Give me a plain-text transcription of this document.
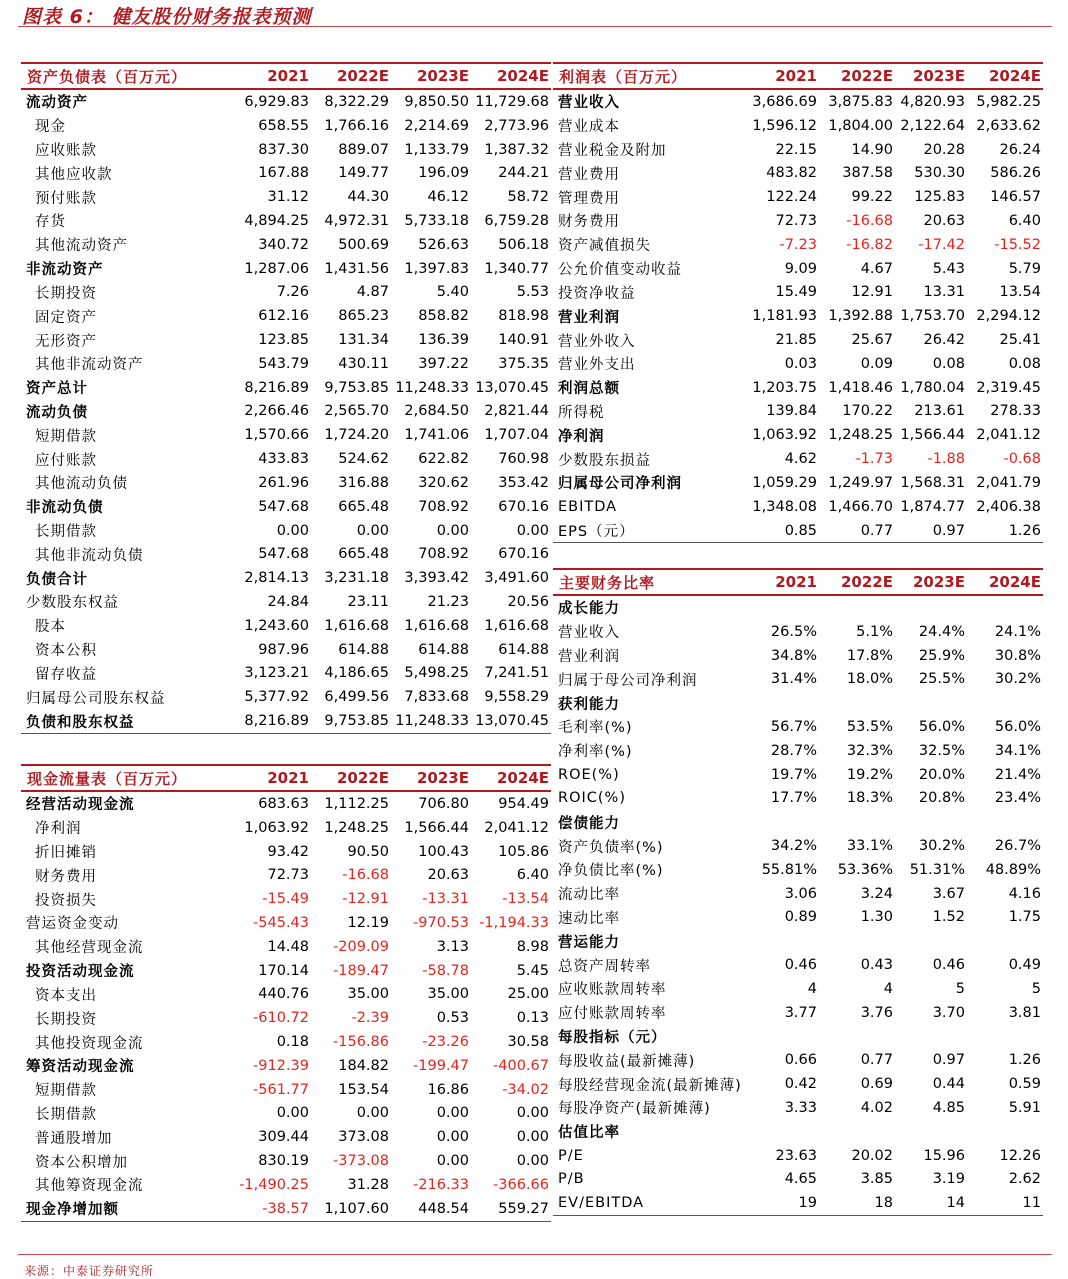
图表 6： 健友股份财务报表预测
资产负债表（百万元）	2021	2022E	2023E	2024E
流动资产	6,929.83	8,322.29	9,850.50	11,729.68
现金	658.55	1,766.16	2,214.69	2,773.96
应收账款	837.30	889.07	1,133.79	1,387.32
其他应收款	167.88	149.77	196.09	244.21
预付账款	31.12	44.30	46.12	58.72
存货	4,894.25	4,972.31	5,733.18	6,759.28
其他流动资产	340.72	500.69	526.63	506.18
非流动资产	1,287.06	1,431.56	1,397.83	1,340.77
长期投资	7.26	4.87	5.40	5.53
固定资产	612.16	865.23	858.82	818.98
无形资产	123.85	131.34	136.39	140.91
其他非流动资产	543.79	430.11	397.22	375.35
资产总计	8,216.89	9,753.85	11,248.33	13,070.45
流动负债	2,266.46	2,565.70	2,684.50	2,821.44
短期借款	1,570.66	1,724.20	1,741.06	1,707.04
应付账款	433.83	524.62	622.82	760.98
其他流动负债	261.96	316.88	320.62	353.42
非流动负债	547.68	665.48	708.92	670.16
长期借款	0.00	0.00	0.00	0.00
其他非流动负债	547.68	665.48	708.92	670.16
负债合计	2,814.13	3,231.18	3,393.42	3,491.60
少数股东权益	24.84	23.11	21.23	20.56
股本	1,243.60	1,616.68	1,616.68	1,616.68
资本公积	987.96	614.88	614.88	614.88
留存收益	3,123.21	4,186.65	5,498.25	7,241.51
归属母公司股东权益	5,377.92	6,499.56	7,833.68	9,558.29
负债和股东权益	8,216.89	9,753.85	11,248.33	13,070.45
现金流量表（百万元）	2021	2022E	2023E	2024E
经营活动现金流	683.63	1,112.25	706.80	954.49
净利润	1,063.92	1,248.25	1,566.44	2,041.12
折旧摊销	93.42	90.50	100.43	105.86
财务费用	72.73	-16.68	20.63	6.40
投资损失	-15.49	-12.91	-13.31	-13.54
营运资金变动	-545.43	12.19	-970.53	-1,194.33
其他经营现金流	14.48	-209.09	3.13	8.98
投资活动现金流	170.14	-189.47	-58.78	5.45
资本支出	440.76	35.00	35.00	25.00
长期投资	-610.72	-2.39	0.53	0.13
其他投资现金流	0.18	-156.86	-23.26	30.58
筹资活动现金流	-912.39	184.82	-199.47	-400.67
短期借款	-561.77	153.54	16.86	-34.02
长期借款	0.00	0.00	0.00	0.00
普通股增加	309.44	373.08	0.00	0.00
资本公积增加	830.19	-373.08	0.00	0.00
其他筹资现金流	-1,490.25	31.28	-216.33	-366.66
现金净增加额	-38.57	1,107.60	448.54	559.27
利润表（百万元）	2021	2022E	2023E	2024E
营业收入	3,686.69	3,875.83	4,820.93	5,982.25
营业成本	1,596.12	1,804.00	2,122.64	2,633.62
营业税金及附加	22.15	14.90	20.28	26.24
营业费用	483.82	387.58	530.30	586.26
管理费用	122.24	99.22	125.83	146.57
财务费用	72.73	-16.68	20.63	6.40
资产减值损失	-7.23	-16.82	-17.42	-15.52
公允价值变动收益	9.09	4.67	5.43	5.79
投资净收益	15.49	12.91	13.31	13.54
营业利润	1,181.93	1,392.88	1,753.70	2,294.12
营业外收入	21.85	25.67	26.42	25.41
营业外支出	0.03	0.09	0.08	0.08
利润总额	1,203.75	1,418.46	1,780.04	2,319.45
所得税	139.84	170.22	213.61	278.33
净利润	1,063.92	1,248.25	1,566.44	2,041.12
少数股东损益	4.62	-1.73	-1.88	-0.68
归属母公司净利润	1,059.29	1,249.97	1,568.31	2,041.79
EBITDA	1,348.08	1,466.70	1,874.77	2,406.38
EPS（元）	0.85	0.77	0.97	1.26
主要财务比率	2021	2022E	2023E	2024E
成长能力				
营业收入	26.5%	5.1%	24.4%	24.1%
营业利润	34.8%	17.8%	25.9%	30.8%
归属于母公司净利润	31.4%	18.0%	25.5%	30.2%
获利能力				
毛利率(%)	56.7%	53.5%	56.0%	56.0%
净利率(%)	28.7%	32.3%	32.5%	34.1%
ROE(%)	19.7%	19.2%	20.0%	21.4%
ROIC(%)	17.7%	18.3%	20.8%	23.4%
偿债能力				
资产负债率(%)	34.2%	33.1%	30.2%	26.7%
净负债比率(%)	55.81%	53.36%	51.31%	48.89%
流动比率	3.06	3.24	3.67	4.16
速动比率	0.89	1.30	1.52	1.75
营运能力				
总资产周转率	0.46	0.43	0.46	0.49
应收账款周转率	4	4	5	5
应付账款周转率	3.77	3.76	3.70	3.81
每股指标（元）				
每股收益(最新摊薄)	0.66	0.77	0.97	1.26
每股经营现金流(最新摊薄)	0.42	0.69	0.44	0.59
每股净资产(最新摊薄)	3.33	4.02	4.85	5.91
估值比率				
P/E	23.63	20.02	15.96	12.26
P/B	4.65	3.85	3.19	2.62
EV/EBITDA	19	18	14	11
来源：中泰证券研究所
